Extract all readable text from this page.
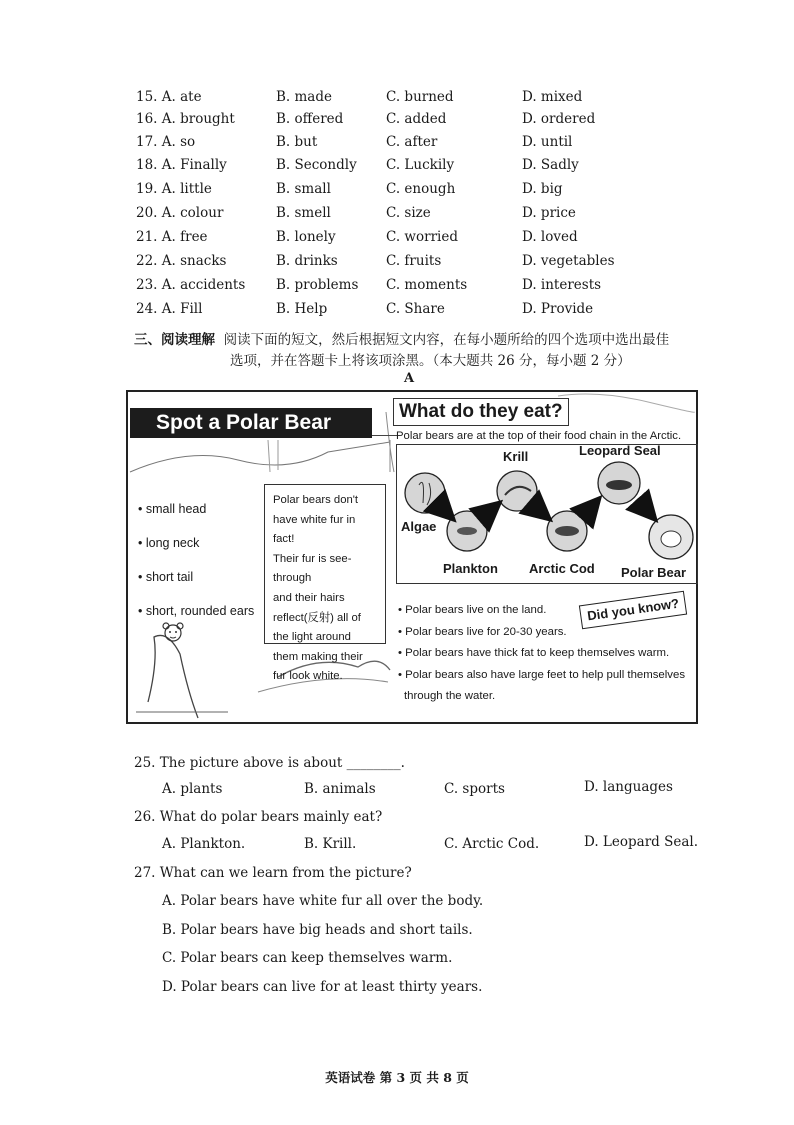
15. A. ate	B. made	C. burned	D. mixed
16. A. brought	B. offered	C. added	D. ordered
17. A. so	B. but	C. after	D. until
18. A. Finally	B. Secondly C. Luckily	D. Sadly
19. A. little	B. small	C. enough	D. big
20. A. colour	B. smell	C. size	D. price
21. A. free	B. lonely	C. worried	D. loved
22. A. snacks	B. drinks	C. fruits	D. vegetables
23. A. accidents B. problems C. moments	D. interests
24. A. Fill	B. Help	C. Share	D. Provide
三、阅读理解 阅读下面的短文，然后根据短文内容，在每小题所给的四个选项中选出最佳
选项，并在答题卡上将该项涂黑。（本大题共 26 分，每小题 2 分）
A
Spot a Polar Bear
• small head
• long neck
• short tail
• short, rounded ears
Polar bears don't
have white fur in fact!
Their fur is see-through
and their hairs
reflect(反射) all of
the light around
them making their
fur look white.
What do they eat?
Polar bears are at the top of their food chain in the Arctic.
Algae
Plankton
Krill
Arctic Cod
Leopard Seal
Polar Bear
Did you know?
• Polar bears live on the land.
• Polar bears live for 20-30 years.
• Polar bears have thick fat to keep themselves warm.
• Polar bears also have large feet to help pull themselves
through the water.
25. The picture above is about ________.
A. plants	B. animals	C. sports	D. languages
26. What do polar bears mainly eat?
A. Plankton.	B. Krill.	C. Arctic Cod.	D. Leopard Seal.
27. What can we learn from the picture?
A. Polar bears have white fur all over the body.
B. Polar bears have big heads and short tails.
C. Polar bears can keep themselves warm.
D. Polar bears can live for at least thirty years.
英语试卷 第 3 页 共 8 页
